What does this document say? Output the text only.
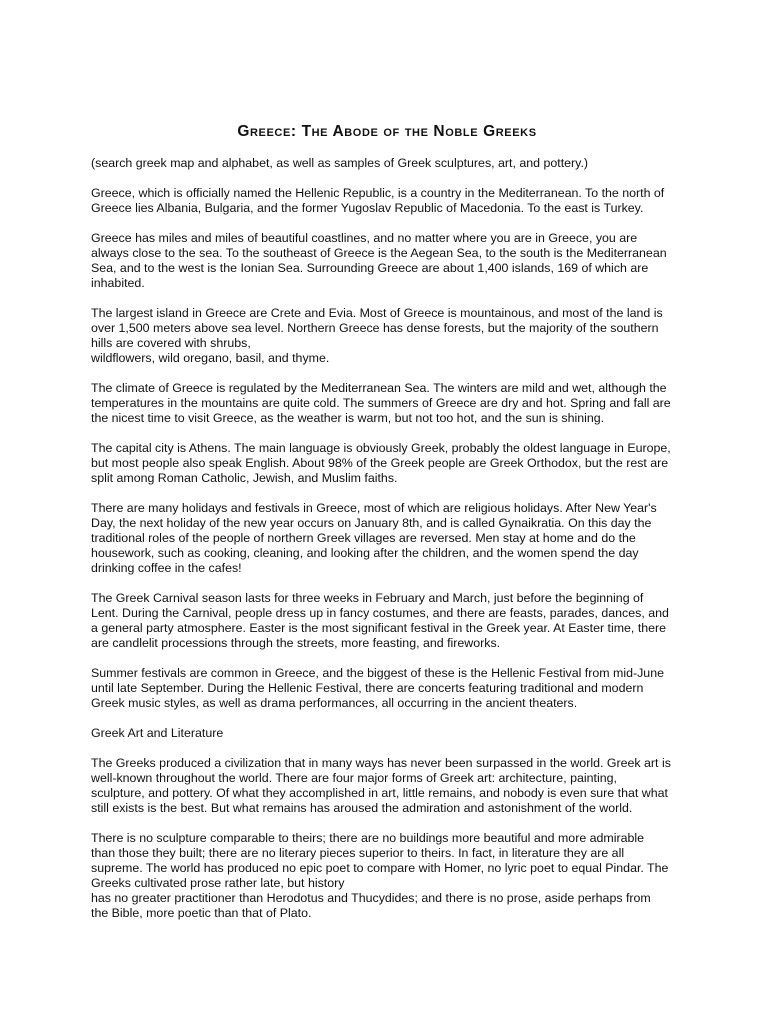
Greece: The Abode of the Noble Greeks

(search greek map and alphabet, as well as samples of Greek sculptures, art, and pottery.)

Greece, which is officially named the Hellenic Republic, is a country in the Mediterranean. To the north of
Greece lies Albania, Bulgaria, and the former Yugoslav Republic of Macedonia. To the east is Turkey.

Greece has miles and miles of beautiful coastlines, and no matter where you are in Greece, you are
always close to the sea. To the southeast of Greece is the Aegean Sea, to the south is the Mediterranean
Sea, and to the west is the Ionian Sea. Surrounding Greece are about 1,400 islands, 169 of which are
inhabited.

The largest island in Greece are Crete and Evia. Most of Greece is mountainous, and most of the land is
over 1,500 meters above sea level. Northern Greece has dense forests, but the majority of the southern
hills are covered with shrubs,
wildflowers, wild oregano, basil, and thyme.

The climate of Greece is regulated by the Mediterranean Sea. The winters are mild and wet, although the
temperatures in the mountains are quite cold. The summers of Greece are dry and hot. Spring and fall are
the nicest time to visit Greece, as the weather is warm, but not too hot, and the sun is shining.

The capital city is Athens. The main language is obviously Greek, probably the oldest language in Europe,
but most people also speak English. About 98% of the Greek people are Greek Orthodox, but the rest are
split among Roman Catholic, Jewish, and Muslim faiths.

There are many holidays and festivals in Greece, most of which are religious holidays. After New Year's
Day, the next holiday of the new year occurs on January 8th, and is called Gynaikratia. On this day the
traditional roles of the people of northern Greek villages are reversed. Men stay at home and do the
housework, such as cooking, cleaning, and looking after the children, and the women spend the day
drinking coffee in the cafes!

The Greek Carnival season lasts for three weeks in February and March, just before the beginning of
Lent. During the Carnival, people dress up in fancy costumes, and there are feasts, parades, dances, and
a general party atmosphere. Easter is the most significant festival in the Greek year. At Easter time, there
are candlelit processions through the streets, more feasting, and fireworks.

Summer festivals are common in Greece, and the biggest of these is the Hellenic Festival from mid-June
until late September. During the Hellenic Festival, there are concerts featuring traditional and modern
Greek music styles, as well as drama performances, all occurring in the ancient theaters.

Greek Art and Literature

The Greeks produced a civilization that in many ways has never been surpassed in the world. Greek art is
well-known throughout the world. There are four major forms of Greek art: architecture, painting,
sculpture, and pottery. Of what they accomplished in art, little remains, and nobody is even sure that what
still exists is the best. But what remains has aroused the admiration and astonishment of the world.

There is no sculpture comparable to theirs; there are no buildings more beautiful and more admirable
than those they built; there are no literary pieces superior to theirs. In fact, in literature they are all
supreme. The world has produced no epic poet to compare with Homer, no lyric poet to equal Pindar. The
Greeks cultivated prose rather late, but history
has no greater practitioner than Herodotus and Thucydides; and there is no prose, aside perhaps from
the Bible, more poetic than that of Plato.
